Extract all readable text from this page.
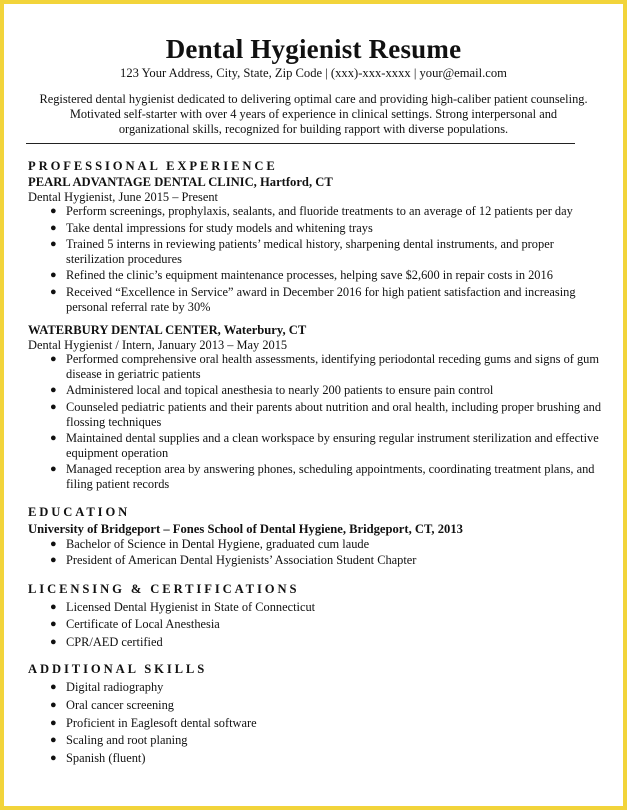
Dental Hygienist Resume
123 Your Address, City, State, Zip Code | (xxx)-xxx-xxxx | your@email.com
Registered dental hygienist dedicated to delivering optimal care and providing high-caliber patient counseling.
Motivated self-starter with over 4 years of experience in clinical settings. Strong interpersonal and
organizational skills, recognized for building rapport with diverse populations.
PROFESSIONAL EXPERIENCE
PEARL ADVANTAGE DENTAL CLINIC, Hartford, CT
Dental Hygienist, June 2015 – Present
● Perform screenings, prophylaxis, sealants, and fluoride treatments to an average of 12 patients per day
● Take dental impressions for study models and whitening trays
● Trained 5 interns in reviewing patients’ medical history, sharpening dental instruments, and proper sterilization procedures
● Refined the clinic’s equipment maintenance processes, helping save $2,600 in repair costs in 2016
● Received “Excellence in Service” award in December 2016 for high patient satisfaction and increasing personal referral rate by 30%
WATERBURY DENTAL CENTER, Waterbury, CT
Dental Hygienist / Intern, January 2013 – May 2015
● Performed comprehensive oral health assessments, identifying periodontal receding gums and signs of gum disease in geriatric patients
● Administered local and topical anesthesia to nearly 200 patients to ensure pain control
● Counseled pediatric patients and their parents about nutrition and oral health, including proper brushing and flossing techniques
● Maintained dental supplies and a clean workspace by ensuring regular instrument sterilization and effective equipment operation
● Managed reception area by answering phones, scheduling appointments, coordinating treatment plans, and filing patient records
EDUCATION
University of Bridgeport – Fones School of Dental Hygiene, Bridgeport, CT, 2013
● Bachelor of Science in Dental Hygiene, graduated cum laude
● President of American Dental Hygienists’ Association Student Chapter
LICENSING & CERTIFICATIONS
● Licensed Dental Hygienist in State of Connecticut
● Certificate of Local Anesthesia
● CPR/AED certified
ADDITIONAL SKILLS
● Digital radiography
● Oral cancer screening
● Proficient in Eaglesoft dental software
● Scaling and root planing
● Spanish (fluent)
